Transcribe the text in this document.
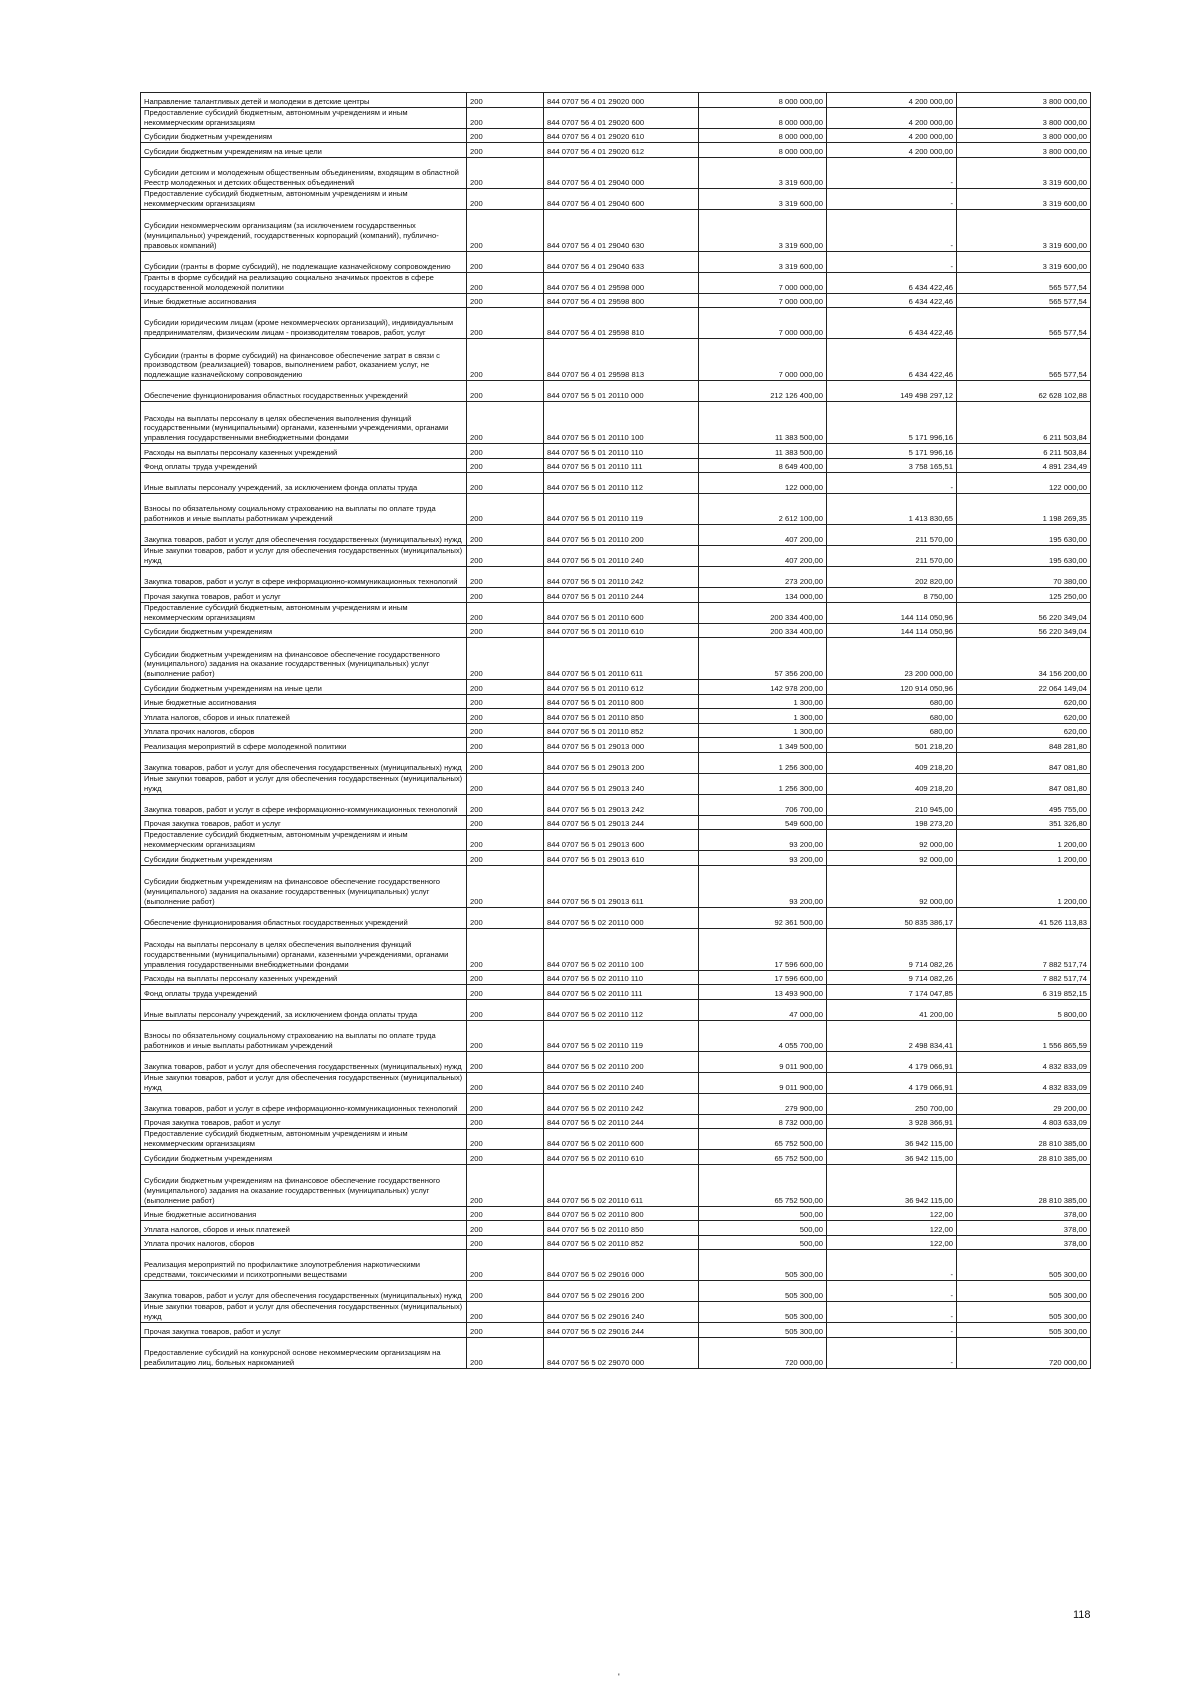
Направление талантливых детей и молодежи в детские центры	200	844 0707 56 4 01 29020 000	8 000 000,00	4 200 000,00	3 800 000,00
Предоставление субсидий бюджетным, автономным учреждениям и иным некоммерческим организациям	200	844 0707 56 4 01 29020 600	8 000 000,00	4 200 000,00	3 800 000,00
Субсидии бюджетным учреждениям	200	844 0707 56 4 01 29020 610	8 000 000,00	4 200 000,00	3 800 000,00
Субсидии бюджетным учреждениям на иные цели	200	844 0707 56 4 01 29020 612	8 000 000,00	4 200 000,00	3 800 000,00
Субсидии детским и молодежным общественным объединениям, входящим в областной Реестр молодежных и детских общественных объединений	200	844 0707 56 4 01 29040 000	3 319 600,00	-	3 319 600,00
Предоставление субсидий бюджетным, автономным учреждениям и иным некоммерческим организациям	200	844 0707 56 4 01 29040 600	3 319 600,00	-	3 319 600,00
Субсидии некоммерческим организациям (за исключением государственных (муниципальных) учреждений, государственных корпораций (компаний), публично-правовых компаний)	200	844 0707 56 4 01 29040 630	3 319 600,00	-	3 319 600,00
Субсидии (гранты в форме субсидий), не подлежащие казначейскому сопровождению	200	844 0707 56 4 01 29040 633	3 319 600,00	-	3 319 600,00
Гранты в форме субсидий на реализацию социально значимых проектов в сфере государственной молодежной политики	200	844 0707 56 4 01 29598 000	7 000 000,00	6 434 422,46	565 577,54
Иные бюджетные ассигнования	200	844 0707 56 4 01 29598 800	7 000 000,00	6 434 422,46	565 577,54
Субсидии юридическим лицам (кроме некоммерческих организаций), индивидуальным предпринимателям, физическим лицам - производителям товаров, работ, услуг	200	844 0707 56 4 01 29598 810	7 000 000,00	6 434 422,46	565 577,54
Субсидии (гранты в форме субсидий) на финансовое обеспечение затрат в связи с производством (реализацией) товаров, выполнением работ, оказанием услуг, не подлежащие казначейскому сопровождению	200	844 0707 56 4 01 29598 813	7 000 000,00	6 434 422,46	565 577,54
Обеспечение функционирования областных государственных учреждений	200	844 0707 56 5 01 20110 000	212 126 400,00	149 498 297,12	62 628 102,88
Расходы на выплаты персоналу в целях обеспечения выполнения функций государственными (муниципальными) органами, казенными учреждениями, органами управления государственными внебюджетными фондами	200	844 0707 56 5 01 20110 100	11 383 500,00	5 171 996,16	6 211 503,84
Расходы на выплаты персоналу казенных учреждений	200	844 0707 56 5 01 20110 110	11 383 500,00	5 171 996,16	6 211 503,84
Фонд оплаты труда учреждений	200	844 0707 56 5 01 20110 111	8 649 400,00	3 758 165,51	4 891 234,49
Иные выплаты персоналу учреждений, за исключением фонда оплаты труда	200	844 0707 56 5 01 20110 112	122 000,00	-	122 000,00
Взносы по обязательному социальному страхованию на выплаты по оплате труда работников и иные выплаты работникам учреждений	200	844 0707 56 5 01 20110 119	2 612 100,00	1 413 830,65	1 198 269,35
Закупка товаров, работ и услуг для обеспечения государственных (муниципальных) нужд	200	844 0707 56 5 01 20110 200	407 200,00	211 570,00	195 630,00
Иные закупки товаров, работ и услуг для обеспечения государственных (муниципальных) нужд	200	844 0707 56 5 01 20110 240	407 200,00	211 570,00	195 630,00
Закупка товаров, работ и услуг в сфере информационно-коммуникационных технологий	200	844 0707 56 5 01 20110 242	273 200,00	202 820,00	70 380,00
Прочая закупка товаров, работ и услуг	200	844 0707 56 5 01 20110 244	134 000,00	8 750,00	125 250,00
Предоставление субсидий бюджетным, автономным учреждениям и иным некоммерческим организациям	200	844 0707 56 5 01 20110 600	200 334 400,00	144 114 050,96	56 220 349,04
Субсидии бюджетным учреждениям	200	844 0707 56 5 01 20110 610	200 334 400,00	144 114 050,96	56 220 349,04
Субсидии бюджетным учреждениям на финансовое обеспечение государственного (муниципального) задания на оказание государственных (муниципальных) услуг (выполнение работ)	200	844 0707 56 5 01 20110 611	57 356 200,00	23 200 000,00	34 156 200,00
Субсидии бюджетным учреждениям на иные цели	200	844 0707 56 5 01 20110 612	142 978 200,00	120 914 050,96	22 064 149,04
Иные бюджетные ассигнования	200	844 0707 56 5 01 20110 800	1 300,00	680,00	620,00
Уплата налогов, сборов и иных платежей	200	844 0707 56 5 01 20110 850	1 300,00	680,00	620,00
Уплата прочих налогов, сборов	200	844 0707 56 5 01 20110 852	1 300,00	680,00	620,00
Реализация мероприятий в сфере молодежной политики	200	844 0707 56 5 01 29013 000	1 349 500,00	501 218,20	848 281,80
Закупка товаров, работ и услуг для обеспечения государственных (муниципальных) нужд	200	844 0707 56 5 01 29013 200	1 256 300,00	409 218,20	847 081,80
Иные закупки товаров, работ и услуг для обеспечения государственных (муниципальных) нужд	200	844 0707 56 5 01 29013 240	1 256 300,00	409 218,20	847 081,80
Закупка товаров, работ и услуг в сфере информационно-коммуникационных технологий	200	844 0707 56 5 01 29013 242	706 700,00	210 945,00	495 755,00
Прочая закупка товаров, работ и услуг	200	844 0707 56 5 01 29013 244	549 600,00	198 273,20	351 326,80
Предоставление субсидий бюджетным, автономным учреждениям и иным некоммерческим организациям	200	844 0707 56 5 01 29013 600	93 200,00	92 000,00	1 200,00
Субсидии бюджетным учреждениям	200	844 0707 56 5 01 29013 610	93 200,00	92 000,00	1 200,00
Субсидии бюджетным учреждениям на финансовое обеспечение государственного (муниципального) задания на оказание государственных (муниципальных) услуг (выполнение работ)	200	844 0707 56 5 01 29013 611	93 200,00	92 000,00	1 200,00
Обеспечение функционирования областных государственных учреждений	200	844 0707 56 5 02 20110 000	92 361 500,00	50 835 386,17	41 526 113,83
Расходы на выплаты персоналу в целях обеспечения выполнения функций государственными (муниципальными) органами, казенными учреждениями, органами управления государственными внебюджетными фондами	200	844 0707 56 5 02 20110 100	17 596 600,00	9 714 082,26	7 882 517,74
Расходы на выплаты персоналу казенных учреждений	200	844 0707 56 5 02 20110 110	17 596 600,00	9 714 082,26	7 882 517,74
Фонд оплаты труда учреждений	200	844 0707 56 5 02 20110 111	13 493 900,00	7 174 047,85	6 319 852,15
Иные выплаты персоналу учреждений, за исключением фонда оплаты труда	200	844 0707 56 5 02 20110 112	47 000,00	41 200,00	5 800,00
Взносы по обязательному социальному страхованию на выплаты по оплате труда работников и иные выплаты работникам учреждений	200	844 0707 56 5 02 20110 119	4 055 700,00	2 498 834,41	1 556 865,59
Закупка товаров, работ и услуг для обеспечения государственных (муниципальных) нужд	200	844 0707 56 5 02 20110 200	9 011 900,00	4 179 066,91	4 832 833,09
Иные закупки товаров, работ и услуг для обеспечения государственных (муниципальных) нужд	200	844 0707 56 5 02 20110 240	9 011 900,00	4 179 066,91	4 832 833,09
Закупка товаров, работ и услуг в сфере информационно-коммуникационных технологий	200	844 0707 56 5 02 20110 242	279 900,00	250 700,00	29 200,00
Прочая закупка товаров, работ и услуг	200	844 0707 56 5 02 20110 244	8 732 000,00	3 928 366,91	4 803 633,09
Предоставление субсидий бюджетным, автономным учреждениям и иным некоммерческим организациям	200	844 0707 56 5 02 20110 600	65 752 500,00	36 942 115,00	28 810 385,00
Субсидии бюджетным учреждениям	200	844 0707 56 5 02 20110 610	65 752 500,00	36 942 115,00	28 810 385,00
Субсидии бюджетным учреждениям на финансовое обеспечение государственного (муниципального) задания на оказание государственных (муниципальных) услуг (выполнение работ)	200	844 0707 56 5 02 20110 611	65 752 500,00	36 942 115,00	28 810 385,00
Иные бюджетные ассигнования	200	844 0707 56 5 02 20110 800	500,00	122,00	378,00
Уплата налогов, сборов и иных платежей	200	844 0707 56 5 02 20110 850	500,00	122,00	378,00
Уплата прочих налогов, сборов	200	844 0707 56 5 02 20110 852	500,00	122,00	378,00
Реализация мероприятий по профилактике злоупотребления наркотическими средствами, токсическими и психотропными веществами	200	844 0707 56 5 02 29016 000	505 300,00	-	505 300,00
Закупка товаров, работ и услуг для обеспечения государственных (муниципальных) нужд	200	844 0707 56 5 02 29016 200	505 300,00	-	505 300,00
Иные закупки товаров, работ и услуг для обеспечения государственных (муниципальных) нужд	200	844 0707 56 5 02 29016 240	505 300,00	-	505 300,00
Прочая закупка товаров, работ и услуг	200	844 0707 56 5 02 29016 244	505 300,00	-	505 300,00
Предоставление субсидий на конкурсной основе некоммерческим организациям на реабилитацию лиц, больных наркоманией	200	844 0707 56 5 02 29070 000	720 000,00	-	720 000,00
118
'
